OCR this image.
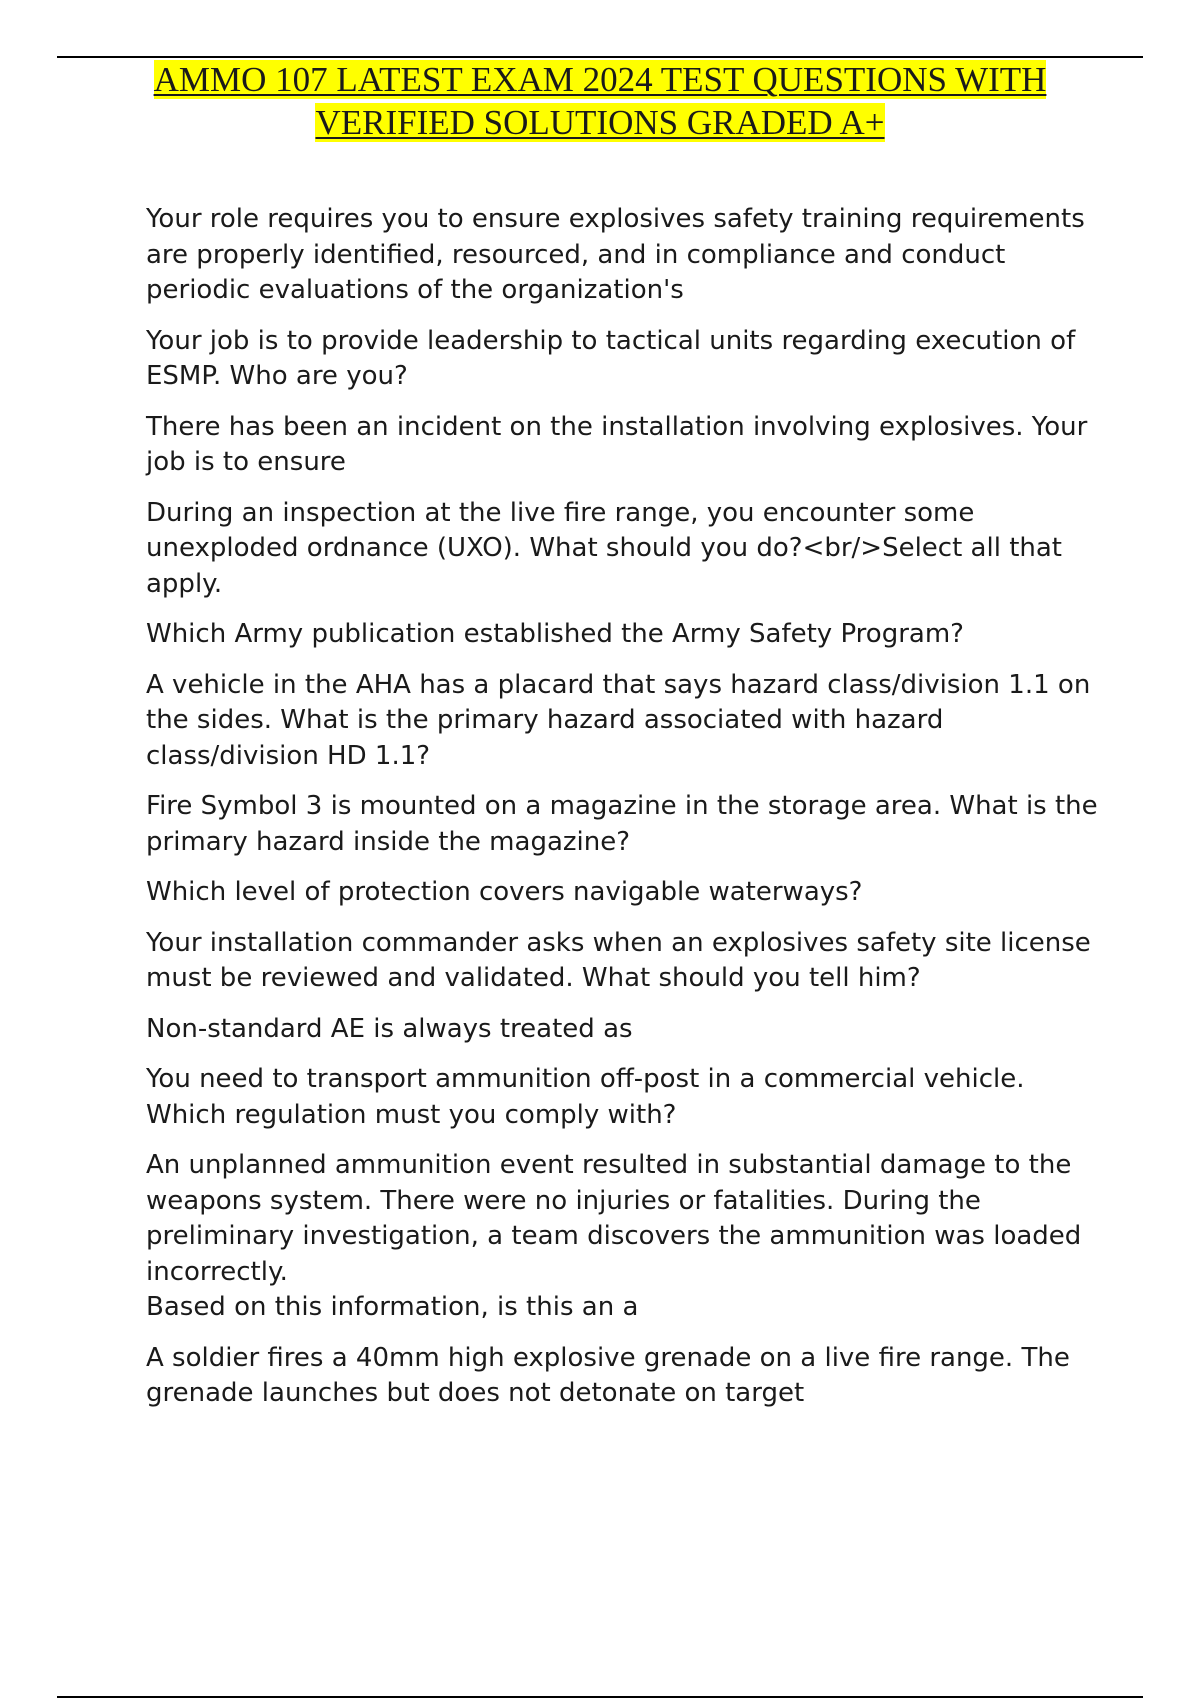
AMMO 107 LATEST EXAM 2024 TEST QUESTIONS WITH
VERIFIED SOLUTIONS GRADED A+
Your role requires you to ensure explosives safety training requirements are properly identified, resourced, and in compliance and conduct periodic evaluations of the organization's
Your job is to provide leadership to tactical units regarding execution of ESMP. Who are you?
There has been an incident on the installation involving explosives. Your job is to ensure
During an inspection at the live fire range, you encounter some unexploded ordnance (UXO). What should you do?<br/>Select all that apply.
Which Army publication established the Army Safety Program?
A vehicle in the AHA has a placard that says hazard class/division 1.1 on the sides. What is the primary hazard associated with hazard class/division HD 1.1?
Fire Symbol 3 is mounted on a magazine in the storage area. What is the primary hazard inside the magazine?
Which level of protection covers navigable waterways?
Your installation commander asks when an explosives safety site license must be reviewed and validated. What should you tell him?
Non-standard AE is always treated as
You need to transport ammunition off-post in a commercial vehicle. Which regulation must you comply with?
An unplanned ammunition event resulted in substantial damage to the weapons system. There were no injuries or fatalities. During the preliminary investigation, a team discovers the ammunition was loaded incorrectly.
Based on this information, is this an a
A soldier fires a 40mm high explosive grenade on a live fire range. The grenade launches but does not detonate on target
